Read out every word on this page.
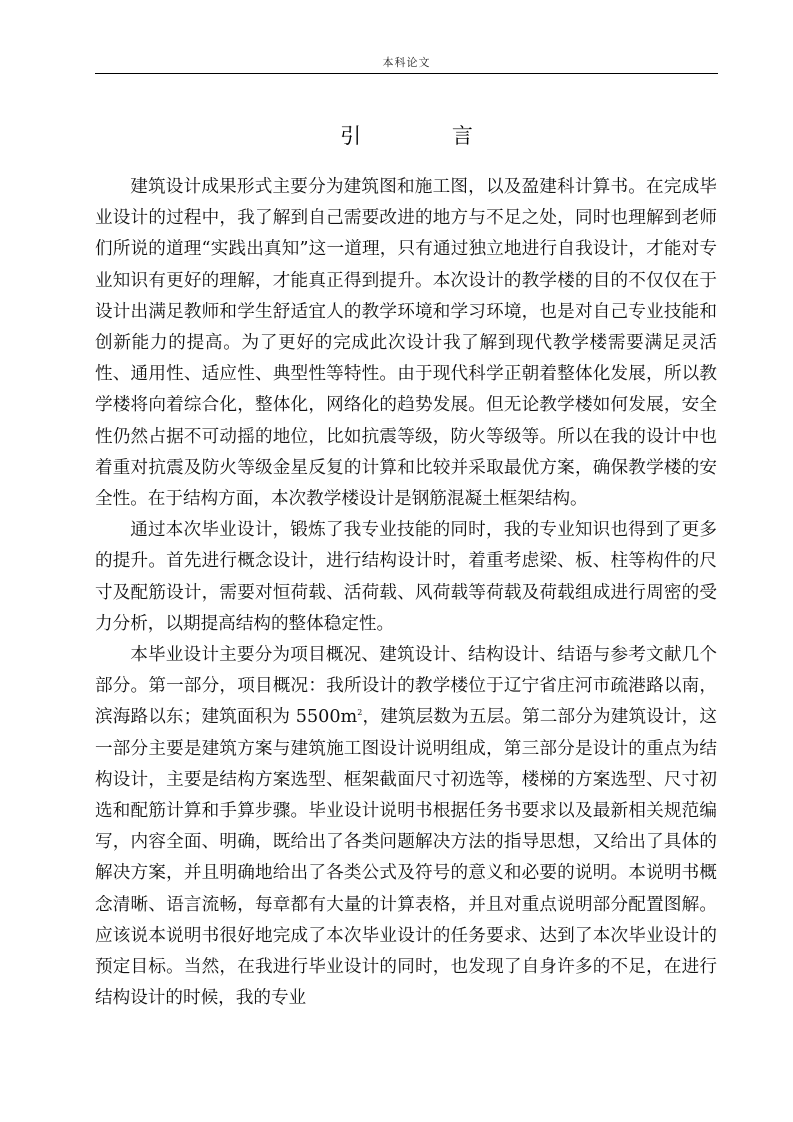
本科论文
引 言

建筑设计成果形式主要分为建筑图和施工图，以及盈建科计算书。在完成毕业设计的过程中，我了解到自己需要改进的地方与不足之处，同时也理解到老师们所说的道理“实践出真知”这一道理，只有通过独立地进行自我设计，才能对专业知识有更好的理解，才能真正得到提升。本次设计的教学楼的目的不仅仅在于设计出满足教师和学生舒适宜人的教学环境和学习环境，也是对自己专业技能和创新能力的提高。为了更好的完成此次设计我了解到现代教学楼需要满足灵活性、通用性、适应性、典型性等特性。由于现代科学正朝着整体化发展，所以教学楼将向着综合化，整体化，网络化的趋势发展。但无论教学楼如何发展，安全性仍然占据不可动摇的地位，比如抗震等级，防火等级等。所以在我的设计中也着重对抗震及防火等级金星反复的计算和比较并采取最优方案，确保教学楼的安全性。在于结构方面，本次教学楼设计是钢筋混凝土框架结构。

通过本次毕业设计，锻炼了我专业技能的同时，我的专业知识也得到了更多的提升。首先进行概念设计，进行结构设计时，着重考虑梁、板、柱等构件的尺寸及配筋设计，需要对恒荷载、活荷载、风荷载等荷载及荷载组成进行周密的受力分析，以期提高结构的整体稳定性。

本毕业设计主要分为项目概况、建筑设计、结构设计、结语与参考文献几个部分。第一部分，项目概况：我所设计的教学楼位于辽宁省庄河市疏港路以南，滨海路以东；建筑面积为 $5500m^2$，建筑层数为五层。第二部分为建筑设计，这一部分主要是建筑方案与建筑施工图设计说明组成，第三部分是设计的重点为结构设计，主要是结构方案选型、框架截面尺寸初选等，楼梯的方案选型、尺寸初选和配筋计算和手算步骤。毕业设计说明书根据任务书要求以及最新相关规范编写，内容全面、明确，既给出了各类问题解决方法的指导思想，又给出了具体的解决方案，并且明确地给出了各类公式及符号的意义和必要的说明。本说明书概念清晰、语言流畅，每章都有大量的计算表格，并且对重点说明部分配置图解。应该说本说明书很好地完成了本次毕业设计的任务要求、达到了本次毕业设计的预定目标。当然，在我进行毕业设计的同时，也发现了自身许多的不足，在进行结构设计的时候，我的专业
